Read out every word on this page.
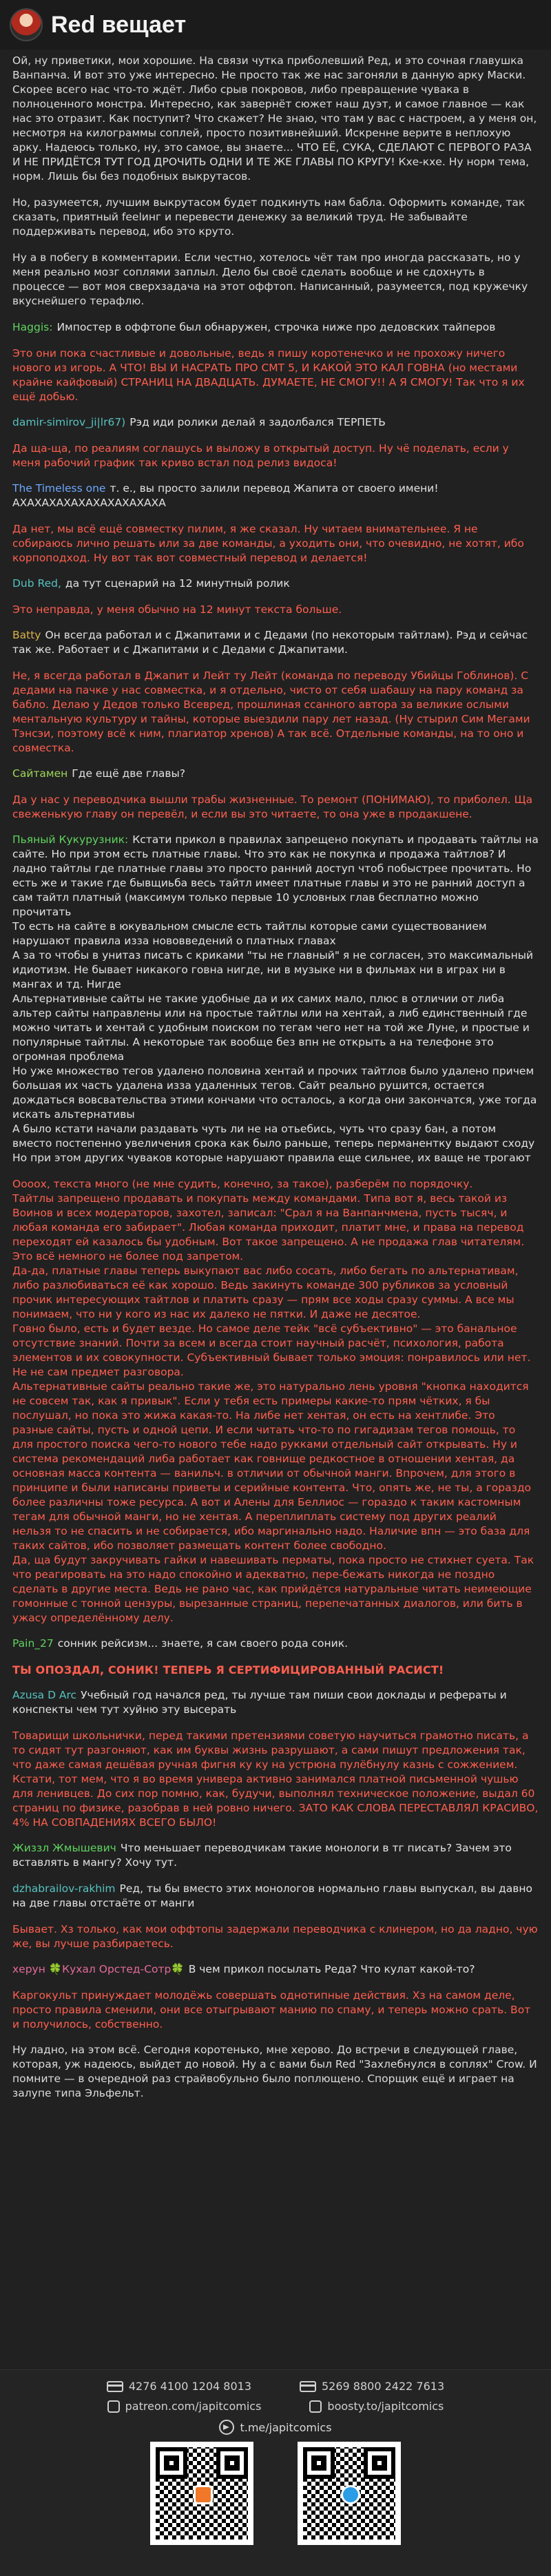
Red вещает

Ой, ну приветики, мои хорошие. На связи чутка приболевший Ред, и это сочная главушка Ванпанча. И вот это уже интересно. Не просто так же нас загоняли в данную арку Маски. Скорее всего нас что-то ждёт. Либо срыв покровов, либо превращение чувака в полноценного монстра. Интересно, как завернёт сюжет наш дуэт, и самое главное — как нас это отразит. Как поступит? Что скажет? Не знаю, что там у вас с настроем, а у меня он, несмотря на килограммы соплей, просто позитивнейший. Искренне верите в неплохую арку. Надеюсь только, ну, это самое, вы знаете... ЧТО ЕЁ, СУКА, СДЕЛАЮТ С ПЕРВОГО РАЗА И НЕ ПРИДЁТСЯ ТУТ ГОД ДРОЧИТЬ ОДНИ И ТЕ ЖЕ ГЛАВЫ ПО КРУГУ! Кхе-кхе. Ну норм тема, норм. Лишь бы без подобных выкрутасов.

Но, разумеется, лучшим выкрутасом будет подкинуть нам бабла. Оформить команде, так сказать, приятный fееlинг и перевести денежку за великий труд. Не забывайте поддерживать перевод, ибо это круто.

Ну а в побегу в комментарии. Если честно, хотелось чёт там про иногда рассказать, но у меня реально мозг соплями заплыл. Дело бы своё сделать вообще и не сдохнуть в процессе — вот моя сверхзадача на этот оффтоп. Написанный, разумеется, под кружечку вкуснейшего терафлю.

Haggis: Импостер в оффтопе был обнаружен, строчка ниже про дедовских тайперов
Это они пока счастливые и довольные, ведь я пишу коротенечко и не прохожу ничего нового из игорь. А ЧТО! ВЫ И НАСРАТЬ ПРО СМТ 5, И КАКОЙ ЭТО КАЛ ГОВНА (но местами крайне кайфовый) СТРАНИЦ НА ДВАДЦАТЬ. ДУМАЕТЕ, НЕ СМОГУ!! А Я СМОГУ! Так что я их ещё добью.
damir-simirov_ji|lr67) Рэд иди ролики делай я задолбался ТЕРПЕТЬ
Да ща-ща, по реалиям соглашусь и выложу в открытый доступ. Ну чё поделать, если у меня рабочий график так криво встал под релиз видоса!
The Timeless one т. е., вы просто залили перевод Жапита от своего имени! АХАХАХАХАХАХАХАХАХАХА
Да нет, мы всё ещё совместку пилим, я же сказал. Ну читаем внимательнее. Я не собираюсь лично решать или за две команды, а уходить они, что очевидно, не хотят, ибо корпоподход. Ну вот так вот совместный перевод и делается!
Dub Red, да тут сценарий на 12 минутный ролик
Это неправда, у меня обычно на 12 минут текста больше.
Batty Он всегда работал и с Джапитами и с Дедами (по некоторым тайтлам). Рэд и сейчас так же. Работает и с Джапитами и с Дедами с Джапитами.
Не, я всегда работал в Джапит и Лейт ту Лейт (команда по переводу Убийцы Гоблинов). С дедами на пачке у нас совместка, и я отдельно, чисто от себя шабашу на пару команд за бабло. Делаю у Дедов только Всевред, прошлиная ссанного автора за великие ослыми ментальную культуру и тайны, которые выездили пару лет назад. (Ну стырил Сим Мегами Тэнсэи, поэтому всё к ним, плагиатор хренов) А так всё. Отдельные команды, на то оно и совместка.
Сайтамен Где ещё две главы?
Да у нас у переводчика вышли трабы жизненные. То ремонт (ПОНИМАЮ), то приболел. Ща свеженькую главу он перевёл, и если вы это читаете, то она уже в продакшене.
Пьяный Кукурузник: Кстати прикол в правилах запрещено покупать и продавать тайтлы на сайте. Но при этом есть платные главы. Что это как не покупка и продажа тайтлов? И ладно тайтлы где платные главы это просто ранний доступ чтоб побыстрее прочитать. Но есть же и такие где бывщиьба весь тайтл имеет платные главы и это не ранний доступ а сам тайтл платный (максимум только первые 10 условных глав бесплатно можно прочитать
То есть на сайте в юкувальном смысле есть тайтлы которые сами существованием нарушают правила изза нововведений о платных главах
А за то чтобы в унитаз писать с криками "ты не главный" я не согласен, это максимальный идиотизм. Не бывает никакого говна нигде, ни в музыке ни в фильмах ни в играх ни в мангах и тд. Нигде
Альтернативные сайты не такие удобные да и их самих мало, плюс в отличии от либа альтер сайты направлены или на простые тайтлы или на хентай, а либ единственный где можно читать и хентай с удобным поиском по тегам чего нет на той же Луне, и простые и популярные тайтлы. А некоторые так вообще без впн не открыть а на телефоне это огромная проблема
Но уже множество тегов удалено половина хентай и прочих тайтлов было удалено причем большая их часть удалена изза удаленных тегов. Сайт реально рушится, остается дождаться вовсвательства этими кончами что осталось, а когда они закончатся, уже тогда искать альтернативы
А было кстати начали раздавать чуть ли не на отьебись, чуть что сразу бан, а потом вместо постепенно увеличения срока как было раньше, теперь перманентку выдают сходу
Но при этом других чуваков которые нарушают правила еще сильнее, их ваще не трогают
Оооох, текста много (не мне судить, конечно, за такое), разберём по порядочку.
Тайтлы запрещено продавать и покупать между командами. Типа вот я, весь такой из Воинов и всех модераторов, захотел, записал: "Срал я на Ванпанчмена, пусть тысяч, и любая команда его забирает". Любая команда приходит, платит мне, и права на перевод переходят ей казалось бы удобным. Вот такое запрещено. А не продажа глав читателям. Это всё немного не более под запретом.
Да-да, платные главы теперь выкупают вас либо сосать, либо бегать по альтернативам, либо разлюбиваться её как хорошо. Ведь закинуть команде 300 рубликов за условный прочик интересующих тайтлов и платить сразу — прям все ходы сразу суммы. А все мы понимаем, что ни у кого из нас их далеко не пятки. И даже не десятое.
Говно было, есть и будет везде. Но самое деле тейк "всё субъективно" — это банальное отсутствие знаний. Почти за всем и всегда стоит научный расчёт, психология, работа элементов и их совокупности. Субъективный бывает только эмоция: понравилось или нет. Не не сам предмет разговора.
Альтернативные сайты реально такие же, это натурально лень уровня "кнопка находится не совсем так, как я привык". Если у тебя есть примеры какие-то прям чётких, я бы послушал, но пока это жижа какая-то. На либе нет хентая, он есть на хентлибе. Это разные сайты, пусть и одной цепи. И если читать что-то по гигадизам тегов помощь, то для простого поиска чего-то нового тебе надо рукками отдельный сайт открывать. Ну и система рекомендаций либа работает как говнище редкостное в отношении хентая, да основная масса контента — ванильч. в отличии от обычной манги. Впрочем, для этого в принципе и были написаны приветы и серийные контента. Что, опять же, не ты, а гораздо более различны тоже ресурса. А вот и Алены для Беллиос — гораздо к таким кастомным тегам для обычной манги, но не хентая. А переплиплать систему под других реалий нельзя то не спасить и не собирается, ибо маргинально надо. Наличие впн — это база для таких сайтов, ибо позволяет размещать контент более свободно.
Да, ща будут закручивать гайки и навешивать перматы, пока просто не стихнет суета. Так что реагировать на это надо спокойно и адекватно, пере-бежать никогда не поздно сделать в другие места. Ведь не рано час, как прийдётся натуральные читать неимеющие гомонные с тонной цензуры, вырезанные страниц, перепечатанных диалогов, или бить в ужасу определённому делу.
Pain_27 сонник рейсизм... знаете, я сам своего рода соник.
ТЫ ОПОЗДАЛ, СОНИК! ТЕПЕРЬ Я СЕРТИФИЦИРОВАННЫЙ РАСИСТ!
Azusa D Arc Учебный год начался ред, ты лучше там пиши свои доклады и рефераты и конспекты чем тут хуйню эту высерать
Товарищи школьнички, перед такими претензиями советую научиться грамотно писать, а то сидят тут разгоняют, как им буквы жизнь разрушают, а сами пишут предложения так, что даже самая дешёвая ручная фигня ку ку на устрюна пулёбнулу казнь с сожжением. Кстати, тот мем, что я во время универа активно занимался платной письменной чушью для ленивцев. До сих пор помню, как, будучи, выполнял техническое положение, выдал 60 страниц по физике, разобрав в ней ровно ничего. ЗАТО КАК СЛОВА ПЕРЕСТАВЛЯЛ КРАСИВО, 4% НА СОВПАДЕНИЯХ ВСЕГО БЫЛО!
Жиззл Жмышевич Что меньшает переводчикам такие монологи в тг писать? Зачем это вставлять в мангу? Хочу тут.
dzhabrailov-rakhim Ред, ты бы вместо этих монологов нормально главы выпускал, вы давно на две главы отстаёте от манги
Бывает. Хз только, как мои оффтопы задержали переводчика с клинером, но да ладно, чую же, вы лучше разбираетесь.
херун 🍀Кухал Орстед-Сотр🍀 В чем прикол посылать Реда? Что кулат какой-то?
Каргокульт принуждает молодёжь совершать однотипные действия. Хз на самом деле, просто правила сменили, они все отыгрывают манию по спаму, и теперь можно срать. Вот и получилось, собственно.

Ну ладно, на этом всё. Сегодня коротенько, мне херово. До встречи в следующей главе, которая, уж надеюсь, выйдет до новой. Ну а с вами был Red "Захлебнулся в соплях" Crow. И помните — в очередной раз страйвобульно было поплющено. Спорщик ещё и играет на залупе типа Эльфельт.

4276 4100 1204 8013	5269 8800 2422 7613
patreon.com/japitcomics	boosty.to/japitcomics
t.me/japitcomics
